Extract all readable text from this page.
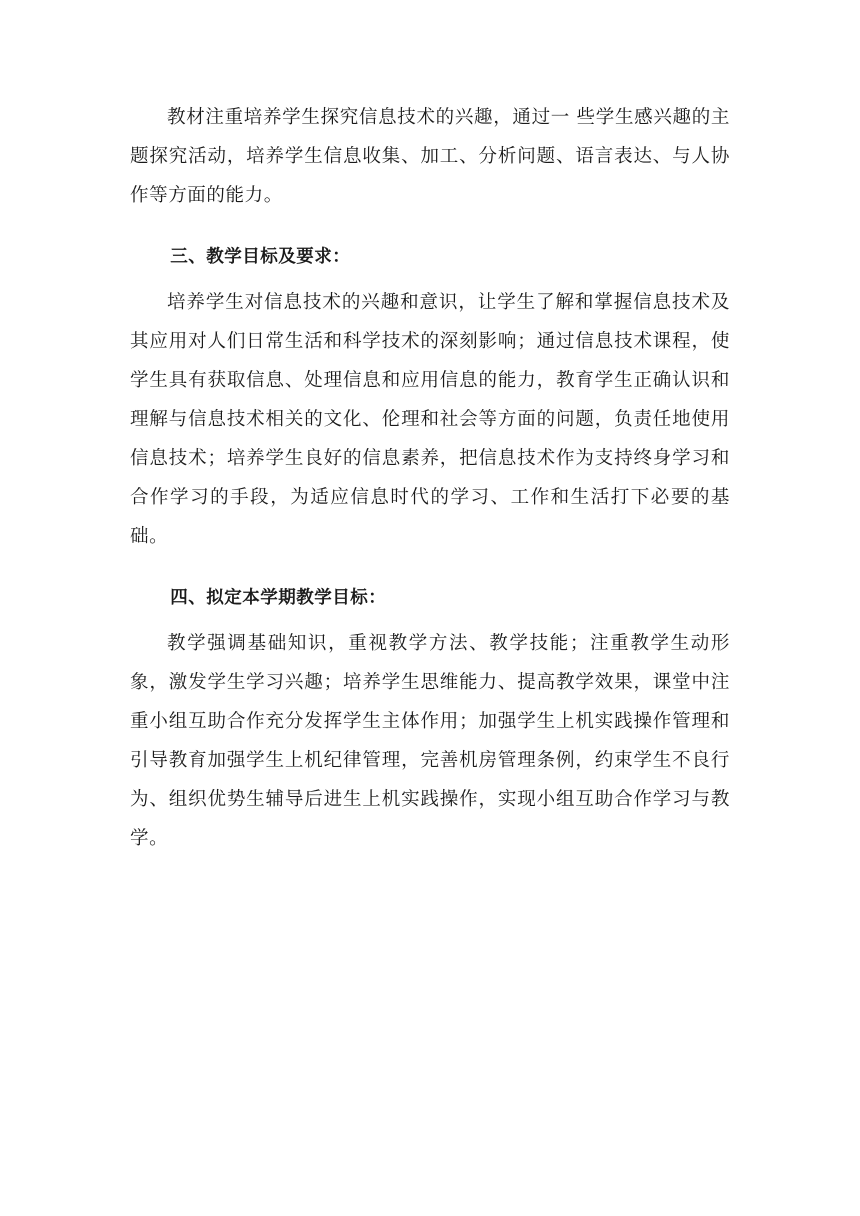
教材注重培养学生探究信息技术的兴趣，通过一 些学生感兴趣的主题探究活动，培养学生信息收集、加工、分析问题、语言表达、与人协作等方面的能力。

三、教学目标及要求：

培养学生对信息技术的兴趣和意识，让学生了解和掌握信息技术及其应用对人们日常生活和科学技术的深刻影响；通过信息技术课程，使学生具有获取信息、处理信息和应用信息的能力，教育学生正确认识和理解与信息技术相关的文化、伦理和社会等方面的问题，负责任地使用信息技术；培养学生良好的信息素养，把信息技术作为支持终身学习和合作学习的手段，为适应信息时代的学习、工作和生活打下必要的基础。

四、拟定本学期教学目标：

教学强调基础知识，重视教学方法、教学技能；注重教学生动形象，激发学生学习兴趣；培养学生思维能力、提高教学效果，课堂中注重小组互助合作充分发挥学生主体作用；加强学生上机实践操作管理和引导教育加强学生上机纪律管理，完善机房管理条例，约束学生不良行为、组织优势生辅导后进生上机实践操作，实现小组互助合作学习与教学。
